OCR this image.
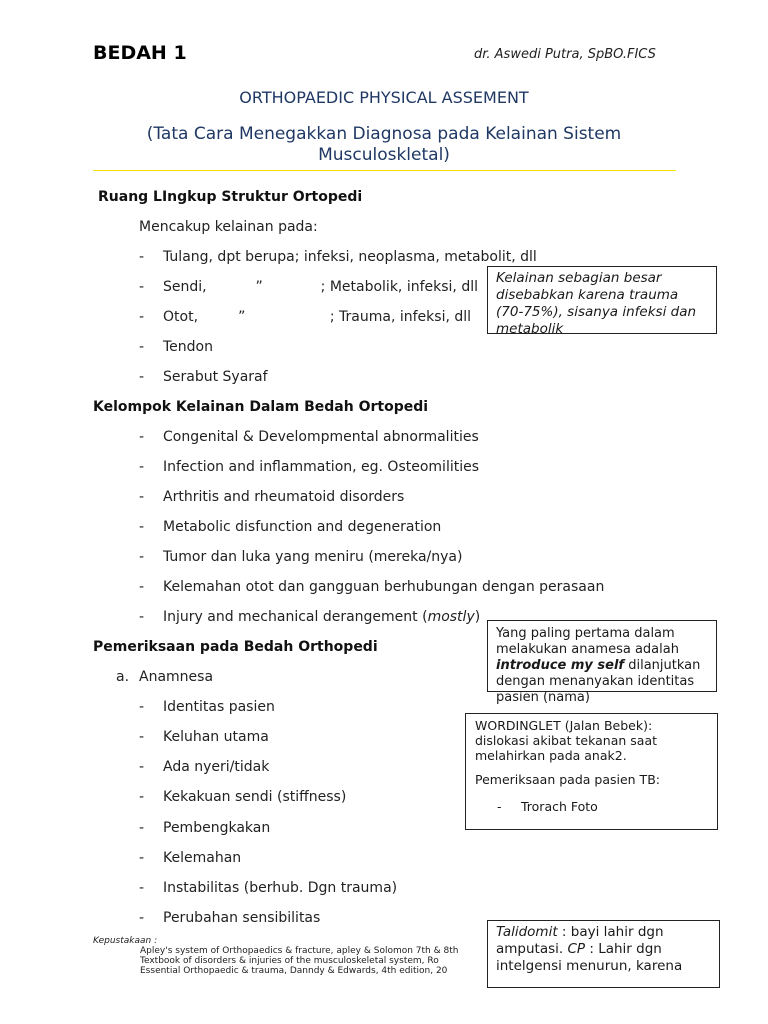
BEDAH 1	dr. Aswedi Putra, SpBO.FICS
ORTHOPAEDIC PHYSICAL ASSEMENT
(Tata Cara Menegakkan Diagnosa pada Kelainan Sistem
Musculoskletal)
Ruang LIngkup Struktur Ortopedi
Mencakup kelainan pada:
- Tulang, dpt berupa; infeksi, neoplasma, metabolit, dll
- Sendi,           ”             ; Metabolik, infeksi, dll
- Otot,         ”                   ; Trauma, infeksi, dll
- Tendon
- Serabut Syaraf
Kelompok Kelainan Dalam Bedah Ortopedi
- Congenital & Develompmental abnormalities
- Infection and inflammation, eg. Osteomilities
- Arthritis and rheumatoid disorders
- Metabolic disfunction and degeneration
- Tumor dan luka yang meniru (mereka/nya)
- Kelemahan otot dan gangguan berhubungan dengan perasaan
- Injury and mechanical derangement (mostly)
Pemeriksaan pada Bedah Orthopedi
a. Anamnesa
- Identitas pasien
- Keluhan utama
- Ada nyeri/tidak
- Kekakuan sendi (stiffness)
- Pembengkakan
- Kelemahan
- Instabilitas (berhub. Dgn trauma)
- Perubahan sensibilitas
Kelainan sebagian besar disebabkan karena trauma (70-75%), sisanya infeksi dan metabolik
Yang paling pertama dalam
melakukan anamesa adalah
introduce my self dilanjutkan
dengan menanyakan identitas
pasien (nama)
WORDINGLET (Jalan Bebek):
dislokasi akibat tekanan saat
melahirkan pada anak2.
Pemeriksaan pada pasien TB:
- Trorach Foto
Talidomit : bayi lahir dgn
amputasi. CP : Lahir dgn
intelgensi menurun, karena
Kepustakaan :
Apley's system of Orthopaedics & fracture, apley & Solomon 7th & 8th
Textbook of disorders & injuries of the musculoskeletal system, Ro
Essential Orthopaedic & trauma, Danndy & Edwards, 4th edition, 20
